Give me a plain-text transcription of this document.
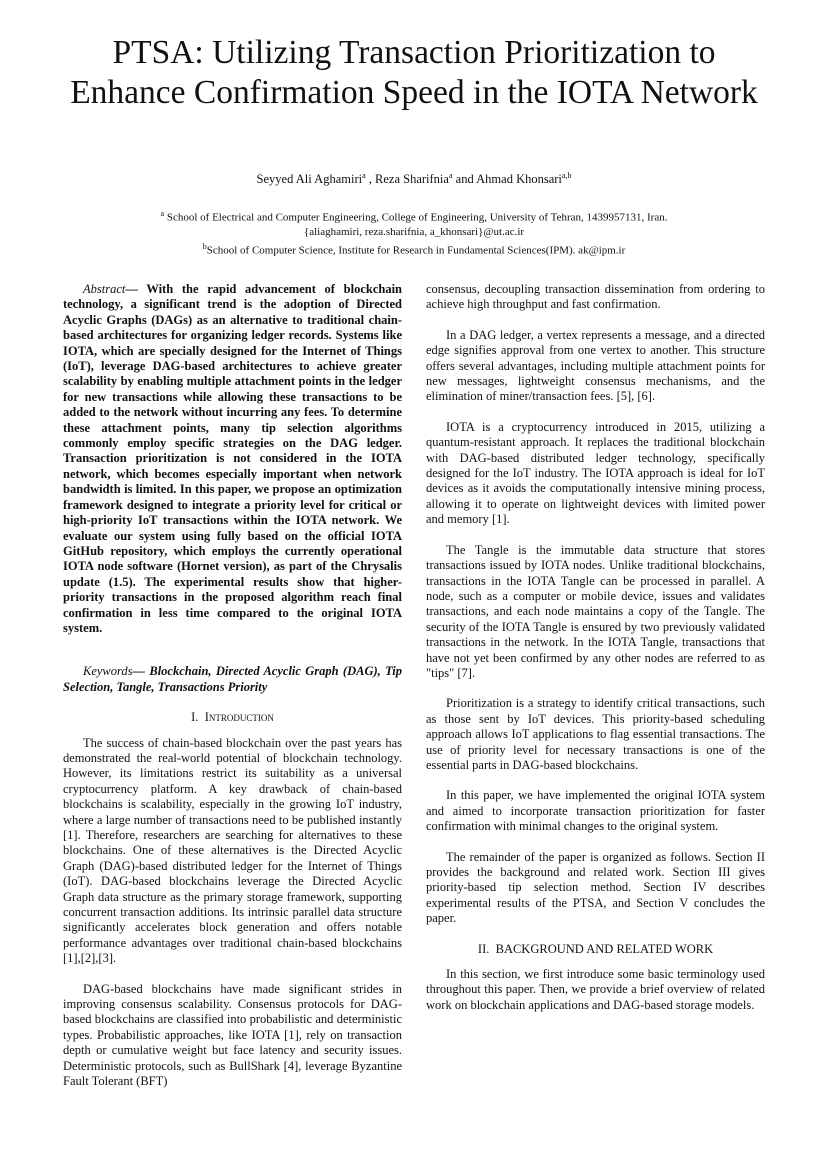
PTSA: Utilizing Transaction Prioritization to
Enhance Confirmation Speed in the IOTA Network
Seyyed Ali Aghamiri$^a$ , Reza Sharifnia$^a$ and Ahmad Khonsari$^{a,b}$
$^a$ School of Electrical and Computer Engineering, College of Engineering, University of Tehran, 1439957131, Iran.
{aliaghamiri, reza.sharifnia, a_khonsari}@ut.ac.ir
$^b$School of Computer Science, Institute for Research in Fundamental Sciences(IPM). ak@ipm.ir

Abstract— With the rapid advancement of blockchain technology, a significant trend is the adoption of Directed Acyclic Graphs (DAGs) as an alternative to traditional chain-based architectures for organizing ledger records. Systems like IOTA, which are specially designed for the Internet of Things (IoT), leverage DAG-based architectures to achieve greater scalability by enabling multiple attachment points in the ledger for new transactions while allowing these transactions to be added to the network without incurring any fees. To determine these attachment points, many tip selection algorithms commonly employ specific strategies on the DAG ledger. Transaction prioritization is not considered in the IOTA network, which becomes especially important when network bandwidth is limited. In this paper, we propose an optimization framework designed to integrate a priority level for critical or high-priority IoT transactions within the IOTA network. We evaluate our system using fully based on the official IOTA GitHub repository, which employs the currently operational IOTA node software (Hornet version), as part of the Chrysalis update (1.5). The experimental results show that higher-priority transactions in the proposed algorithm reach final confirmation in less time compared to the original IOTA system.

Keywords— Blockchain, Directed Acyclic Graph (DAG), Tip Selection, Tangle, Transactions Priority

I. Introduction

The success of chain-based blockchain over the past years has demonstrated the real-world potential of blockchain technology. However, its limitations restrict its suitability as a universal cryptocurrency platform. A key drawback of chain-based blockchains is scalability, especially in the growing IoT industry, where a large number of transactions need to be published instantly [1]. Therefore, researchers are searching for alternatives to these blockchains. One of these alternatives is the Directed Acyclic Graph (DAG)-based distributed ledger for the Internet of Things (IoT). DAG-based blockchains leverage the Directed Acyclic Graph data structure as the primary storage framework, supporting concurrent transaction additions. Its intrinsic parallel data structure significantly accelerates block generation and offers notable performance advantages over traditional chain-based blockchains [1],[2],[3].

DAG-based blockchains have made significant strides in improving consensus scalability. Consensus protocols for DAG-based blockchains are classified into probabilistic and deterministic types. Probabilistic approaches, like IOTA [1], rely on transaction depth or cumulative weight but face latency and security issues. Deterministic protocols, such as BullShark [4], leverage Byzantine Fault Tolerant (BFT)

consensus, decoupling transaction dissemination from ordering to achieve high throughput and fast confirmation.

In a DAG ledger, a vertex represents a message, and a directed edge signifies approval from one vertex to another. This structure offers several advantages, including multiple attachment points for new messages, lightweight consensus mechanisms, and the elimination of miner/transaction fees. [5], [6].

IOTA is a cryptocurrency introduced in 2015, utilizing a quantum-resistant approach. It replaces the traditional blockchain with DAG-based distributed ledger technology, specifically designed for the IoT industry. The IOTA approach is ideal for IoT devices as it avoids the computationally intensive mining process, allowing it to operate on lightweight devices with limited power and memory [1].

The Tangle is the immutable data structure that stores transactions issued by IOTA nodes. Unlike traditional blockchains, transactions in the IOTA Tangle can be processed in parallel. A node, such as a computer or mobile device, issues and validates transactions, and each node maintains a copy of the Tangle. The security of the IOTA Tangle is ensured by two previously validated transactions in the network. In the IOTA Tangle, transactions that have not yet been confirmed by any other nodes are referred to as "tips" [7].

Prioritization is a strategy to identify critical transactions, such as those sent by IoT devices. This priority-based scheduling approach allows IoT applications to flag essential transactions. The use of priority level for necessary transactions is one of the essential parts in DAG-based blockchains.

In this paper, we have implemented the original IOTA system and aimed to incorporate transaction prioritization for faster confirmation with minimal changes to the original system.

The remainder of the paper is organized as follows. Section II provides the background and related work. Section III gives priority-based tip selection method. Section IV describes experimental results of the PTSA, and Section V concludes the paper.

II. BACKGROUND AND RELATED WORK

In this section, we first introduce some basic terminology used throughout this paper. Then, we provide a brief overview of related work on blockchain applications and DAG-based storage models.
